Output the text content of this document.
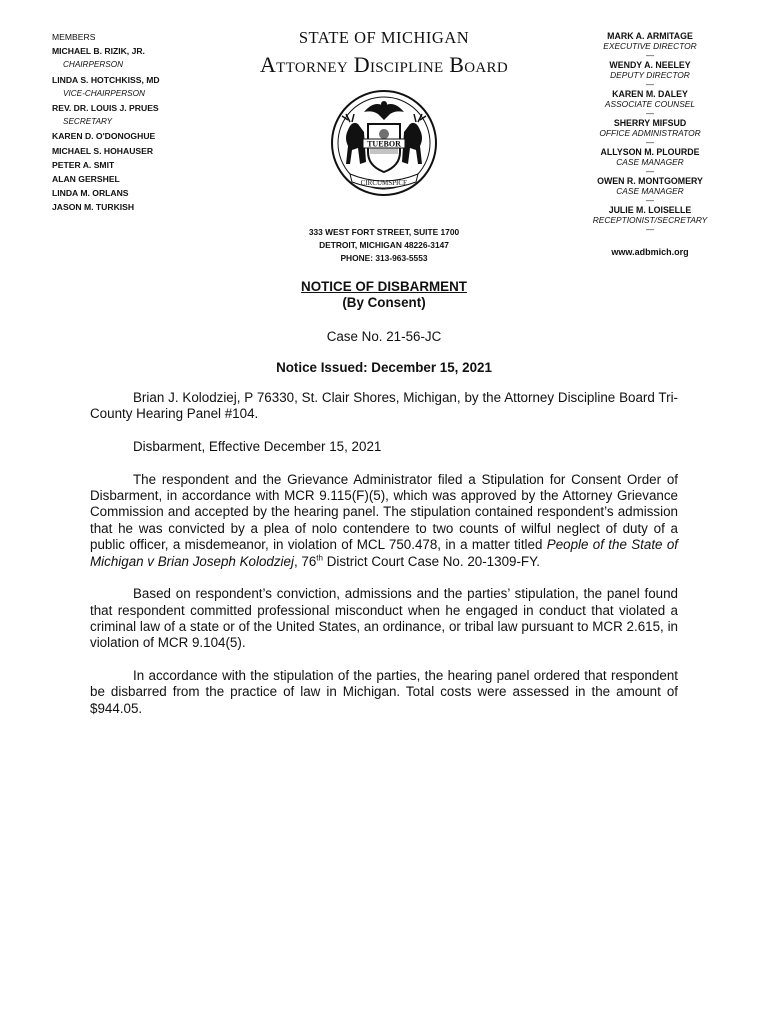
MEMBERS
MICHAEL B. RIZIK, JR.
CHAIRPERSON
LINDA S. HOTCHKISS, MD
VICE-CHAIRPERSON
REV. DR. LOUIS J. PRUES
SECRETARY
KAREN D. O'DONOGHUE
MICHAEL S. HOHAUSER
PETER A. SMIT
ALAN GERSHEL
LINDA M. ORLANS
JASON M. TURKISH
STATE OF MICHIGAN
Attorney Discipline Board
TUEBOR
CIRCUMSPICE
333 WEST FORT STREET, SUITE 1700
DETROIT, MICHIGAN 48226-3147
PHONE: 313-963-5553
MARK A. ARMITAGE
EXECUTIVE DIRECTOR
—
WENDY A. NEELEY
DEPUTY DIRECTOR
—
KAREN M. DALEY
ASSOCIATE COUNSEL
—
SHERRY MIFSUD
OFFICE ADMINISTRATOR
—
ALLYSON M. PLOURDE
CASE MANAGER
—
OWEN R. MONTGOMERY
CASE MANAGER
—
JULIE M. LOISELLE
RECEPTIONIST/SECRETARY
—
www.adbmich.org
NOTICE OF DISBARMENT
(By Consent)
Case No. 21-56-JC
Notice Issued: December 15, 2021

Brian J. Kolodziej, P 76330, St. Clair Shores, Michigan, by the Attorney Discipline Board Tri-County Hearing Panel #104.

Disbarment, Effective December 15, 2021

The respondent and the Grievance Administrator filed a Stipulation for Consent Order of Disbarment, in accordance with MCR 9.115(F)(5), which was approved by the Attorney Grievance Commission and accepted by the hearing panel. The stipulation contained respondent’s admission that he was convicted by a plea of nolo contendere to two counts of wilful neglect of duty of a public officer, a misdemeanor, in violation of MCL 750.478, in a matter titled People of the State of Michigan v Brian Joseph Kolodziej, 76th District Court Case No. 20-1309-FY.

Based on respondent’s conviction, admissions and the parties’ stipulation, the panel found that respondent committed professional misconduct when he engaged in conduct that violated a criminal law of a state or of the United States, an ordinance, or tribal law pursuant to MCR 2.615, in violation of MCR 9.104(5).

In accordance with the stipulation of the parties, the hearing panel ordered that respondent be disbarred from the practice of law in Michigan. Total costs were assessed in the amount of $944.05.
